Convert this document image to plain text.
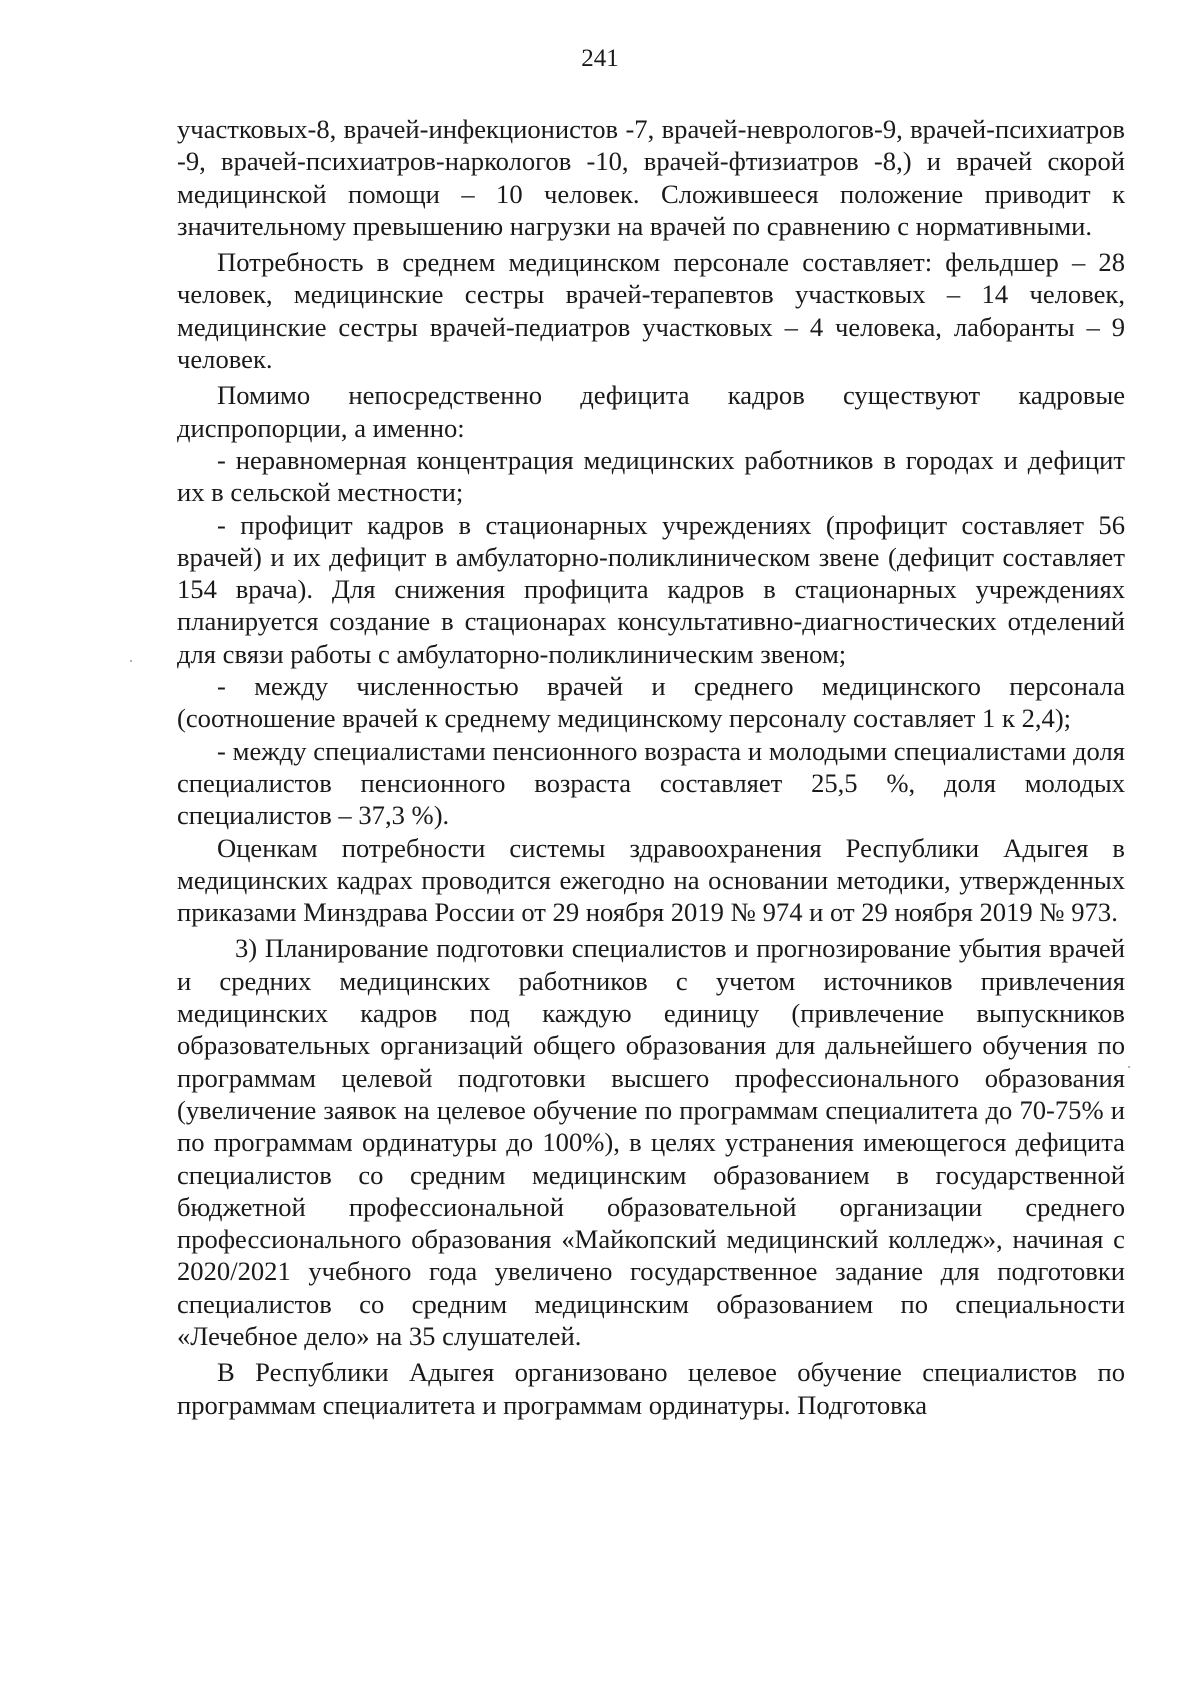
241

участковых-8, врачей-инфекционистов -7, врачей-неврологов-9, врачей-психиатров -9, врачей-психиатров-наркологов -10, врачей-фтизиатров -8,) и врачей скорой медицинской помощи – 10 человек. Сложившееся положение приводит к значительному превышению нагрузки на врачей по сравнению с нормативными.

Потребность в среднем медицинском персонале составляет: фельдшер – 28 человек, медицинские сестры врачей-терапевтов участковых – 14 человек, медицинские сестры врачей-педиатров участковых – 4 человека, лаборанты – 9 человек.

Помимо непосредственно дефицита кадров существуют кадровые диспропорции, а именно:

- неравномерная концентрация медицинских работников в городах и дефицит их в сельской местности;

- профицит кадров в стационарных учреждениях (профицит составляет 56 врачей) и их дефицит в амбулаторно-поликлиническом звене (дефицит составляет 154 врача). Для снижения профицита кадров в стационарных учреждениях планируется создание в стационарах консультативно-диагностических отделений для связи работы с амбулаторно-поликлиническим звеном;

- между численностью врачей и среднего медицинского персонала (соотношение врачей к среднему медицинскому персоналу составляет 1 к 2,4);

- между специалистами пенсионного возраста и молодыми специалистами доля специалистов пенсионного возраста составляет 25,5 %, доля молодых специалистов – 37,3 %).

Оценкам потребности системы здравоохранения Республики Адыгея в медицинских кадрах проводится ежегодно на основании методики, утвержденных приказами Минздрава России от 29 ноября 2019 № 974 и от 29 ноября 2019 № 973.

3) Планирование подготовки специалистов и прогнозирование убытия врачей и средних медицинских работников с учетом источников привлечения медицинских кадров под каждую единицу (привлечение выпускников образовательных организаций общего образования для дальнейшего обучения по программам целевой подготовки высшего профессионального образования (увеличение заявок на целевое обучение по программам специалитета до 70-75% и по программам ординатуры до 100%), в целях устранения имеющегося дефицита специалистов со средним медицинским образованием в государственной бюджетной профессиональной образовательной организации среднего профессионального образования «Майкопский медицинский колледж», начиная с 2020/2021 учебного года увеличено государственное задание для подготовки специалистов со средним медицинским образованием по специальности «Лечебное дело» на 35 слушателей.

В Республики Адыгея организовано целевое обучение специалистов по программам специалитета и программам ординатуры. Подготовка
